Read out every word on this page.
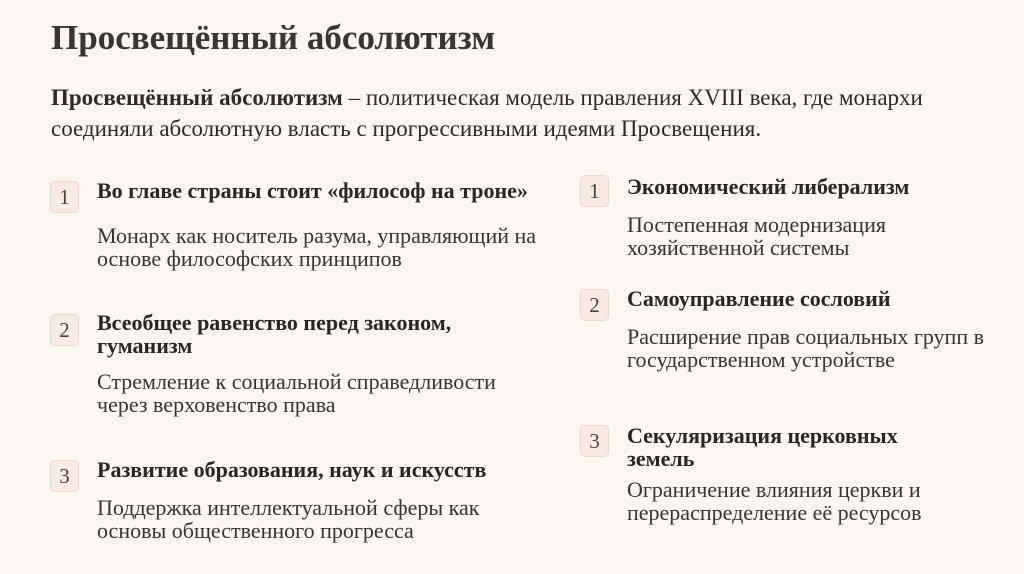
Просвещённый абсолютизм
Просвещённый абсолютизм – политическая модель правления XVIII века, где монархи соединяли абсолютную власть с прогрессивными идеями Просвещения.
1	Во главе страны стоит «философ на троне»
Монарх как носитель разума, управляющий на основе философских принципов
2	Всеобщее равенство перед законом, гуманизм
Стремление к социальной справедливости через верховенство права
3	Развитие образования, наук и искусств
Поддержка интеллектуальной сферы как основы общественного прогресса
1	Экономический либерализм
Постепенная модернизация хозяйственной системы
2	Самоуправление сословий
Расширение прав социальных групп в государственном устройстве
3	Секуляризация церковных земель
Ограничение влияния церкви и перераспределение её ресурсов
